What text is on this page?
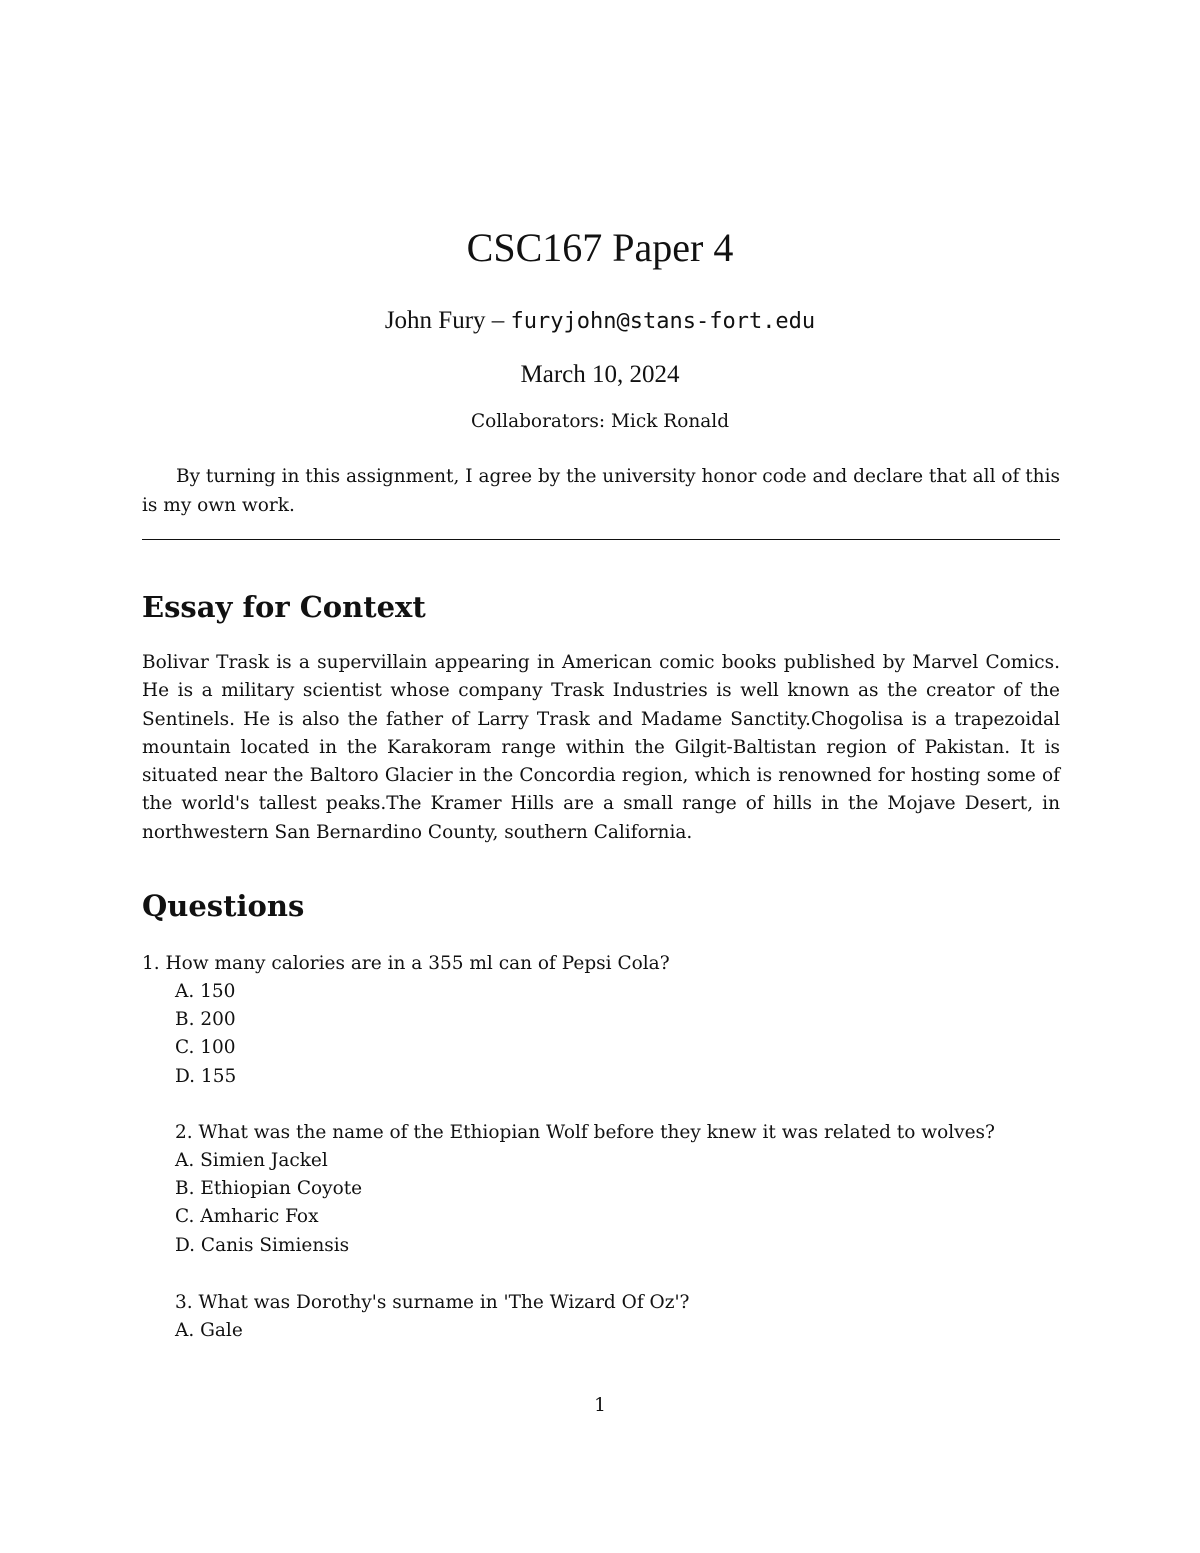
CSC167 Paper 4
John Fury – furyjohn@stans-fort.edu
March 10, 2024
Collaborators: Mick Ronald
By turning in this assignment, I agree by the university honor code and declare that all of this is my own work.
Essay for Context
Bolivar Trask is a supervillain appearing in American comic books published by Marvel Comics. He is a military scientist whose company Trask Industries is well known as the creator of the Sentinels. He is also the father of Larry Trask and Madame Sanctity.Chogolisa is a trapezoidal mountain located in the Karakoram range within the Gilgit-Baltistan region of Pakistan. It is situated near the Baltoro Glacier in the Concordia region, which is renowned for hosting some of the world's tallest peaks.The Kramer Hills are a small range of hills in the Mojave Desert, in northwestern San Bernardino County, southern California.
Questions
1. How many calories are in a 355 ml can of Pepsi Cola?
A. 150
B. 200
C. 100
D. 155
2. What was the name of the Ethiopian Wolf before they knew it was related to wolves?
A. Simien Jackel
B. Ethiopian Coyote
C. Amharic Fox
D. Canis Simiensis
3. What was Dorothy's surname in 'The Wizard Of Oz'?
A. Gale
1
